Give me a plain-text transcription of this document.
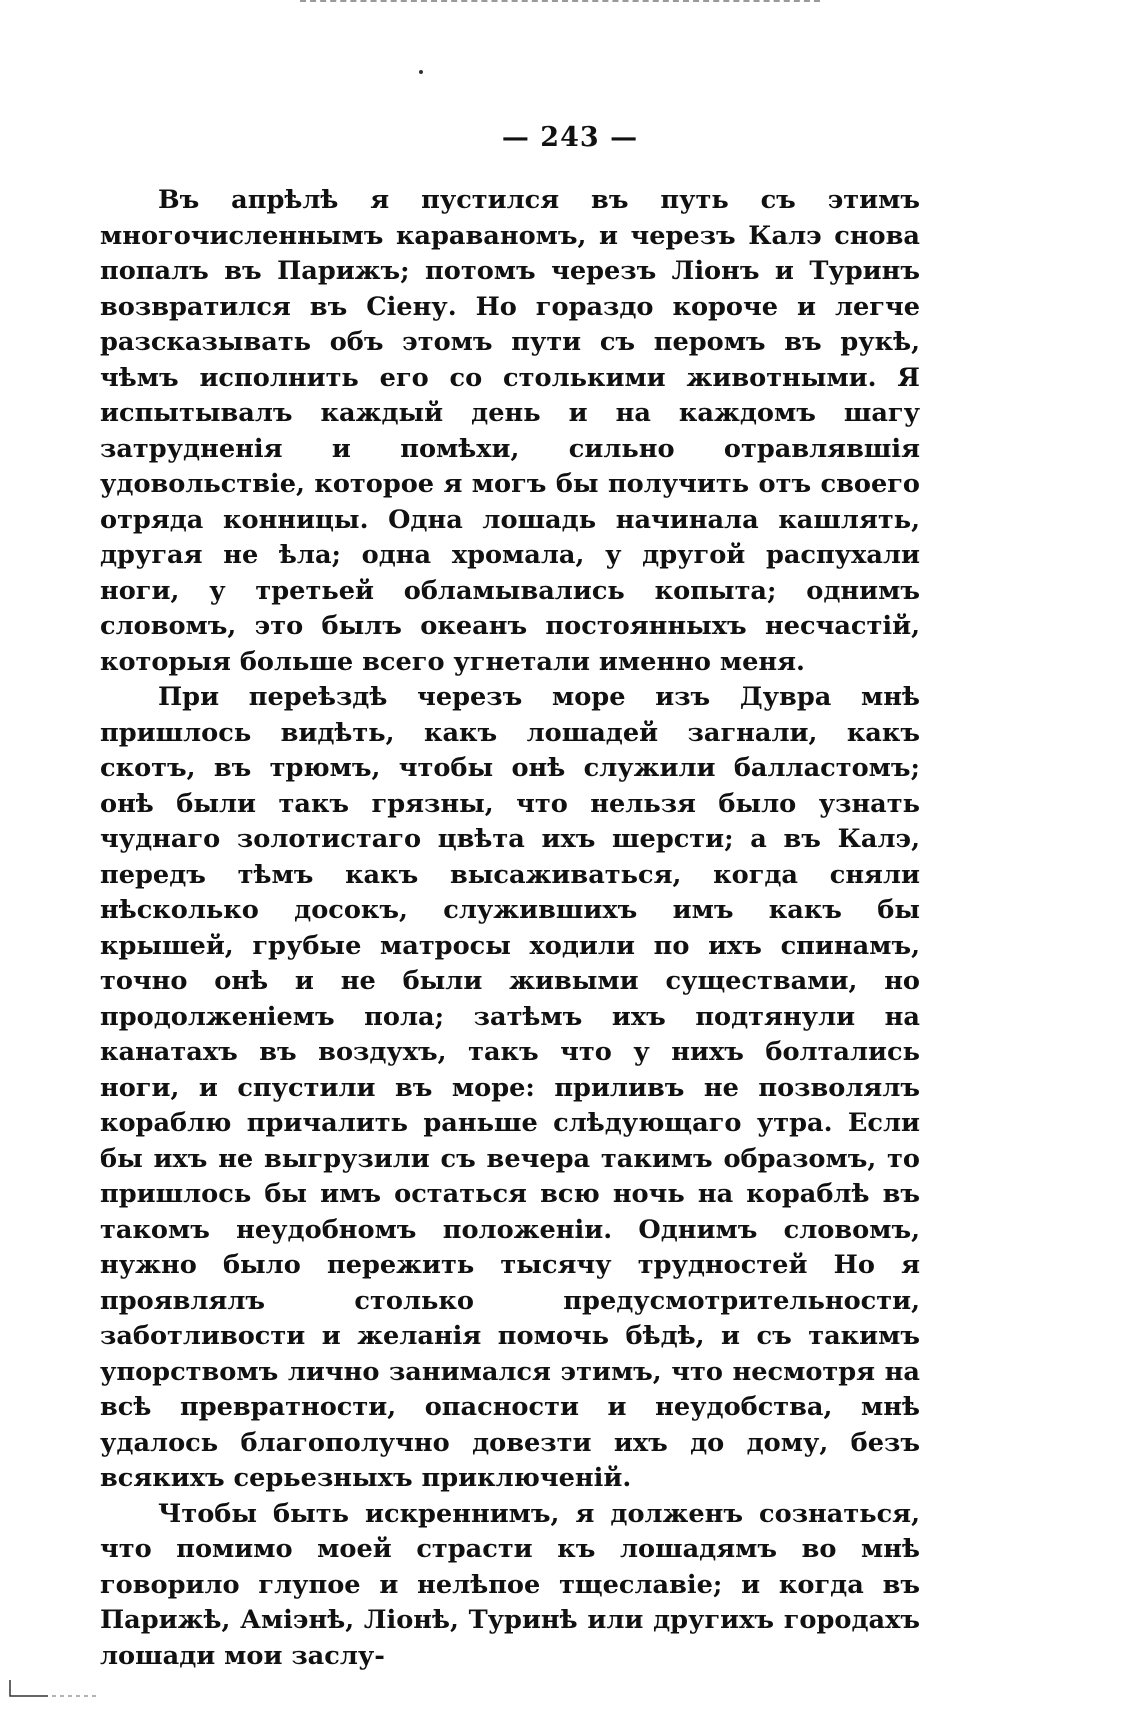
— 243 —

Въ апрѣлѣ я пустился въ путь съ этимъ многочисленнымъ караваномъ, и черезъ Калэ снова попалъ въ Парижъ; потомъ черезъ Ліонъ и Туринъ возвратился въ Сіену. Но гораздо короче и легче разсказывать объ этомъ пути съ перомъ въ рукѣ, чѣмъ исполнить его со столькими животными. Я испытывалъ каждый день и на каждомъ шагу затрудненія и помѣхи, сильно отравлявшія удовольствіе, которое я могъ бы получить отъ своего отряда конницы. Одна лошадь начинала кашлять, другая не ѣла; одна хромала, у другой распухали ноги, у третьей обламывались копыта; однимъ словомъ, это былъ океанъ постоянныхъ несчастій, которыя больше всего угнетали именно меня.

При переѣздѣ черезъ море изъ Дувра мнѣ пришлось видѣть, какъ лошадей загнали, какъ скотъ, въ трюмъ, чтобы онѣ служили балластомъ; онѣ были такъ грязны, что нельзя было узнать чуднаго золотистаго цвѣта ихъ шерсти; а въ Калэ, передъ тѣмъ какъ высаживаться, когда сняли нѣсколько досокъ, служившихъ имъ какъ бы крышей, грубые матросы ходили по ихъ спинамъ, точно онѣ и не были живыми существами, но продолженіемъ пола; затѣмъ ихъ подтянули на канатахъ въ воздухъ, такъ что у нихъ болтались ноги, и спустили въ море: приливъ не позволялъ кораблю причалить раньше слѣдующаго утра. Если бы ихъ не выгрузили съ вечера такимъ образомъ, то пришлось бы имъ остаться всю ночь на кораблѣ въ такомъ неудобномъ положеніи. Однимъ словомъ, нужно было пережить тысячу трудностей Но я проявлялъ столько предусмотрительности, заботливости и желанія помочь бѣдѣ, и съ такимъ упорствомъ лично занимался этимъ, что несмотря на всѣ превратности, опасности и неудобства, мнѣ удалось благополучно довезти ихъ до дому, безъ всякихъ серьезныхъ приключеній.

Чтобы быть искреннимъ, я долженъ сознаться, что помимо моей страсти къ лошадямъ во мнѣ говорило глупое и нелѣпое тщеславіе; и когда въ Парижѣ, Аміэнѣ, Ліонѣ, Туринѣ или другихъ городахъ лошади мои заслу-
